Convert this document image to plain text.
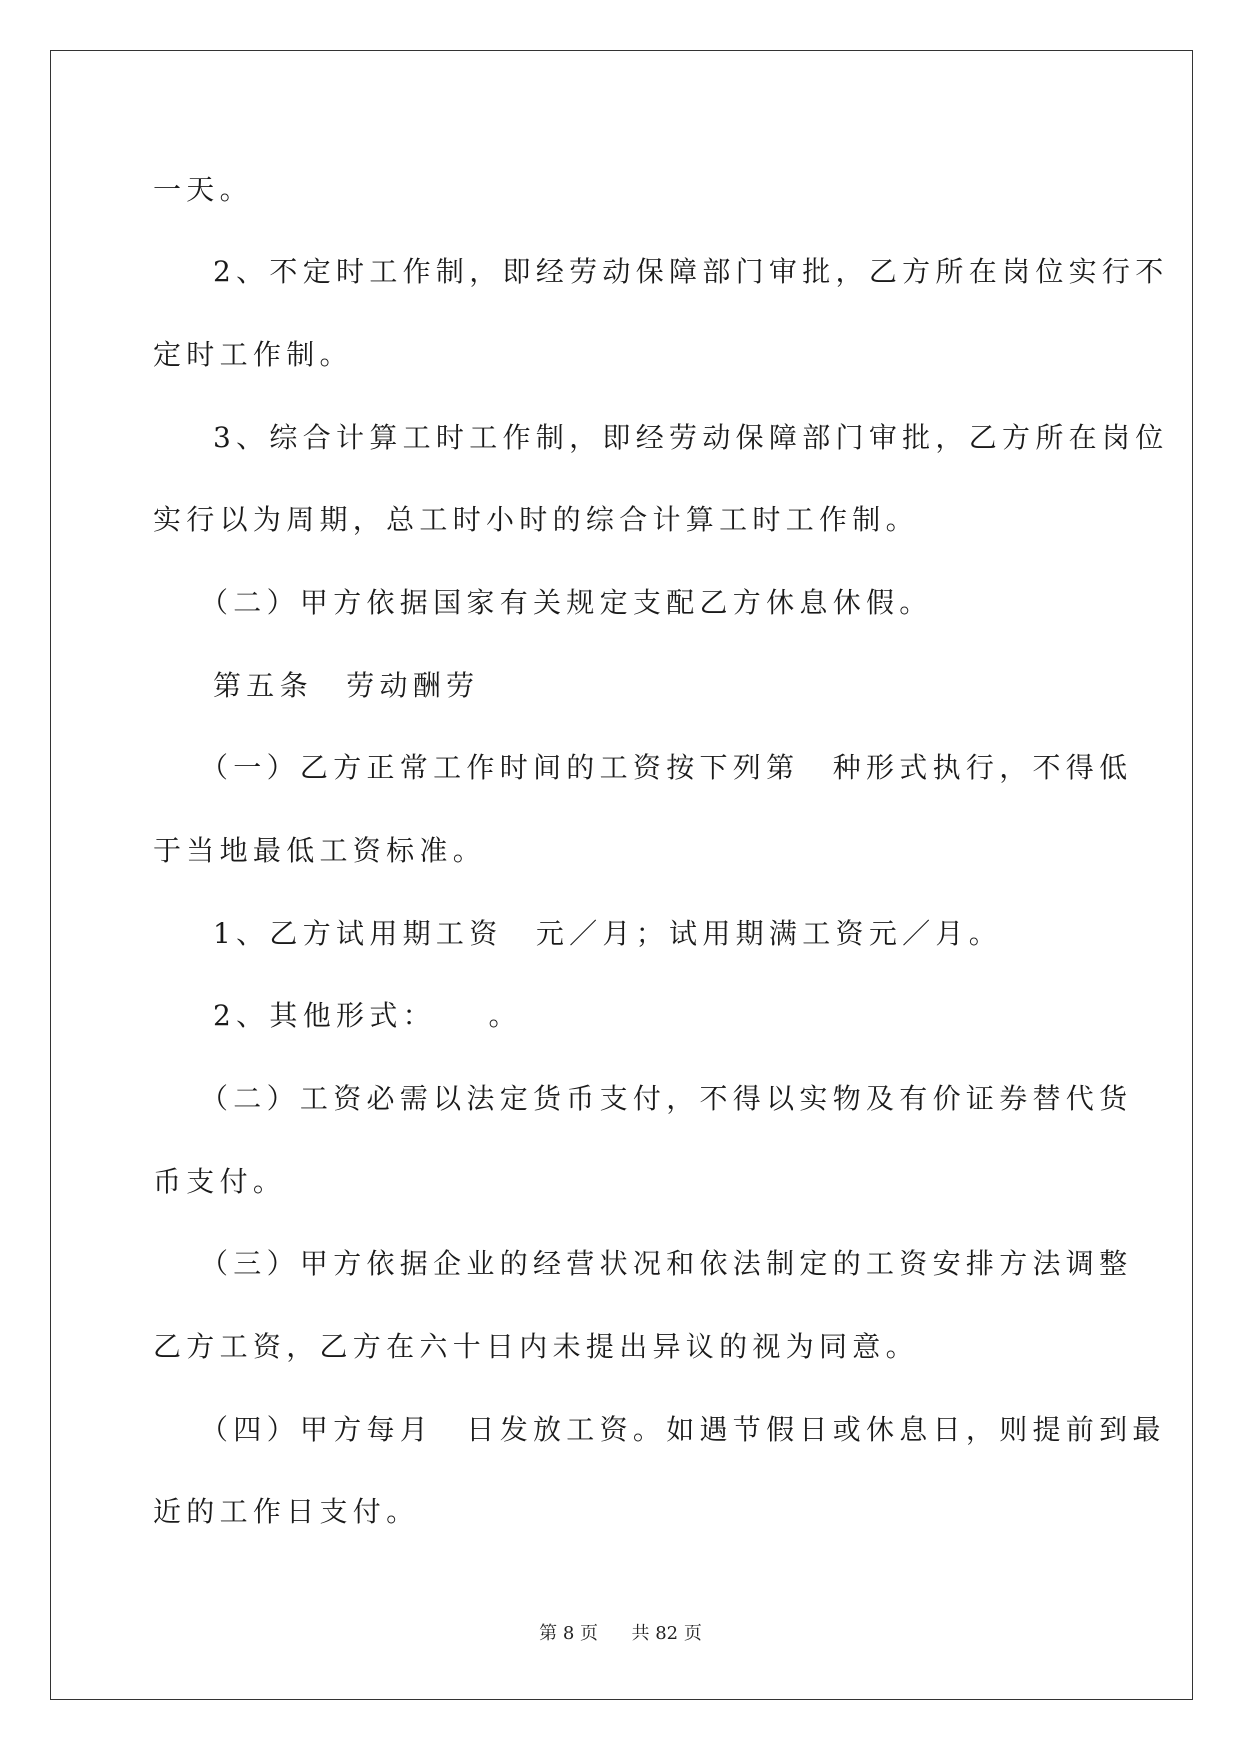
一天。
2、不定时工作制，即经劳动保障部门审批，乙方所在岗位实行不
定时工作制。
3、综合计算工时工作制，即经劳动保障部门审批，乙方所在岗位
实行以为周期，总工时小时的综合计算工时工作制。
（二）甲方依据国家有关规定支配乙方休息休假。
第五条　劳动酬劳
（一）乙方正常工作时间的工资按下列第　种形式执行，不得低
于当地最低工资标准。
1、乙方试用期工资　元／月；试用期满工资元／月。
2、其他形式：　　。
（二）工资必需以法定货币支付，不得以实物及有价证券替代货
币支付。
（三）甲方依据企业的经营状况和依法制定的工资安排方法调整
乙方工资，乙方在六十日内未提出异议的视为同意。
（四）甲方每月　日发放工资。如遇节假日或休息日，则提前到最
近的工作日支付。
第 8 页 共 82 页
